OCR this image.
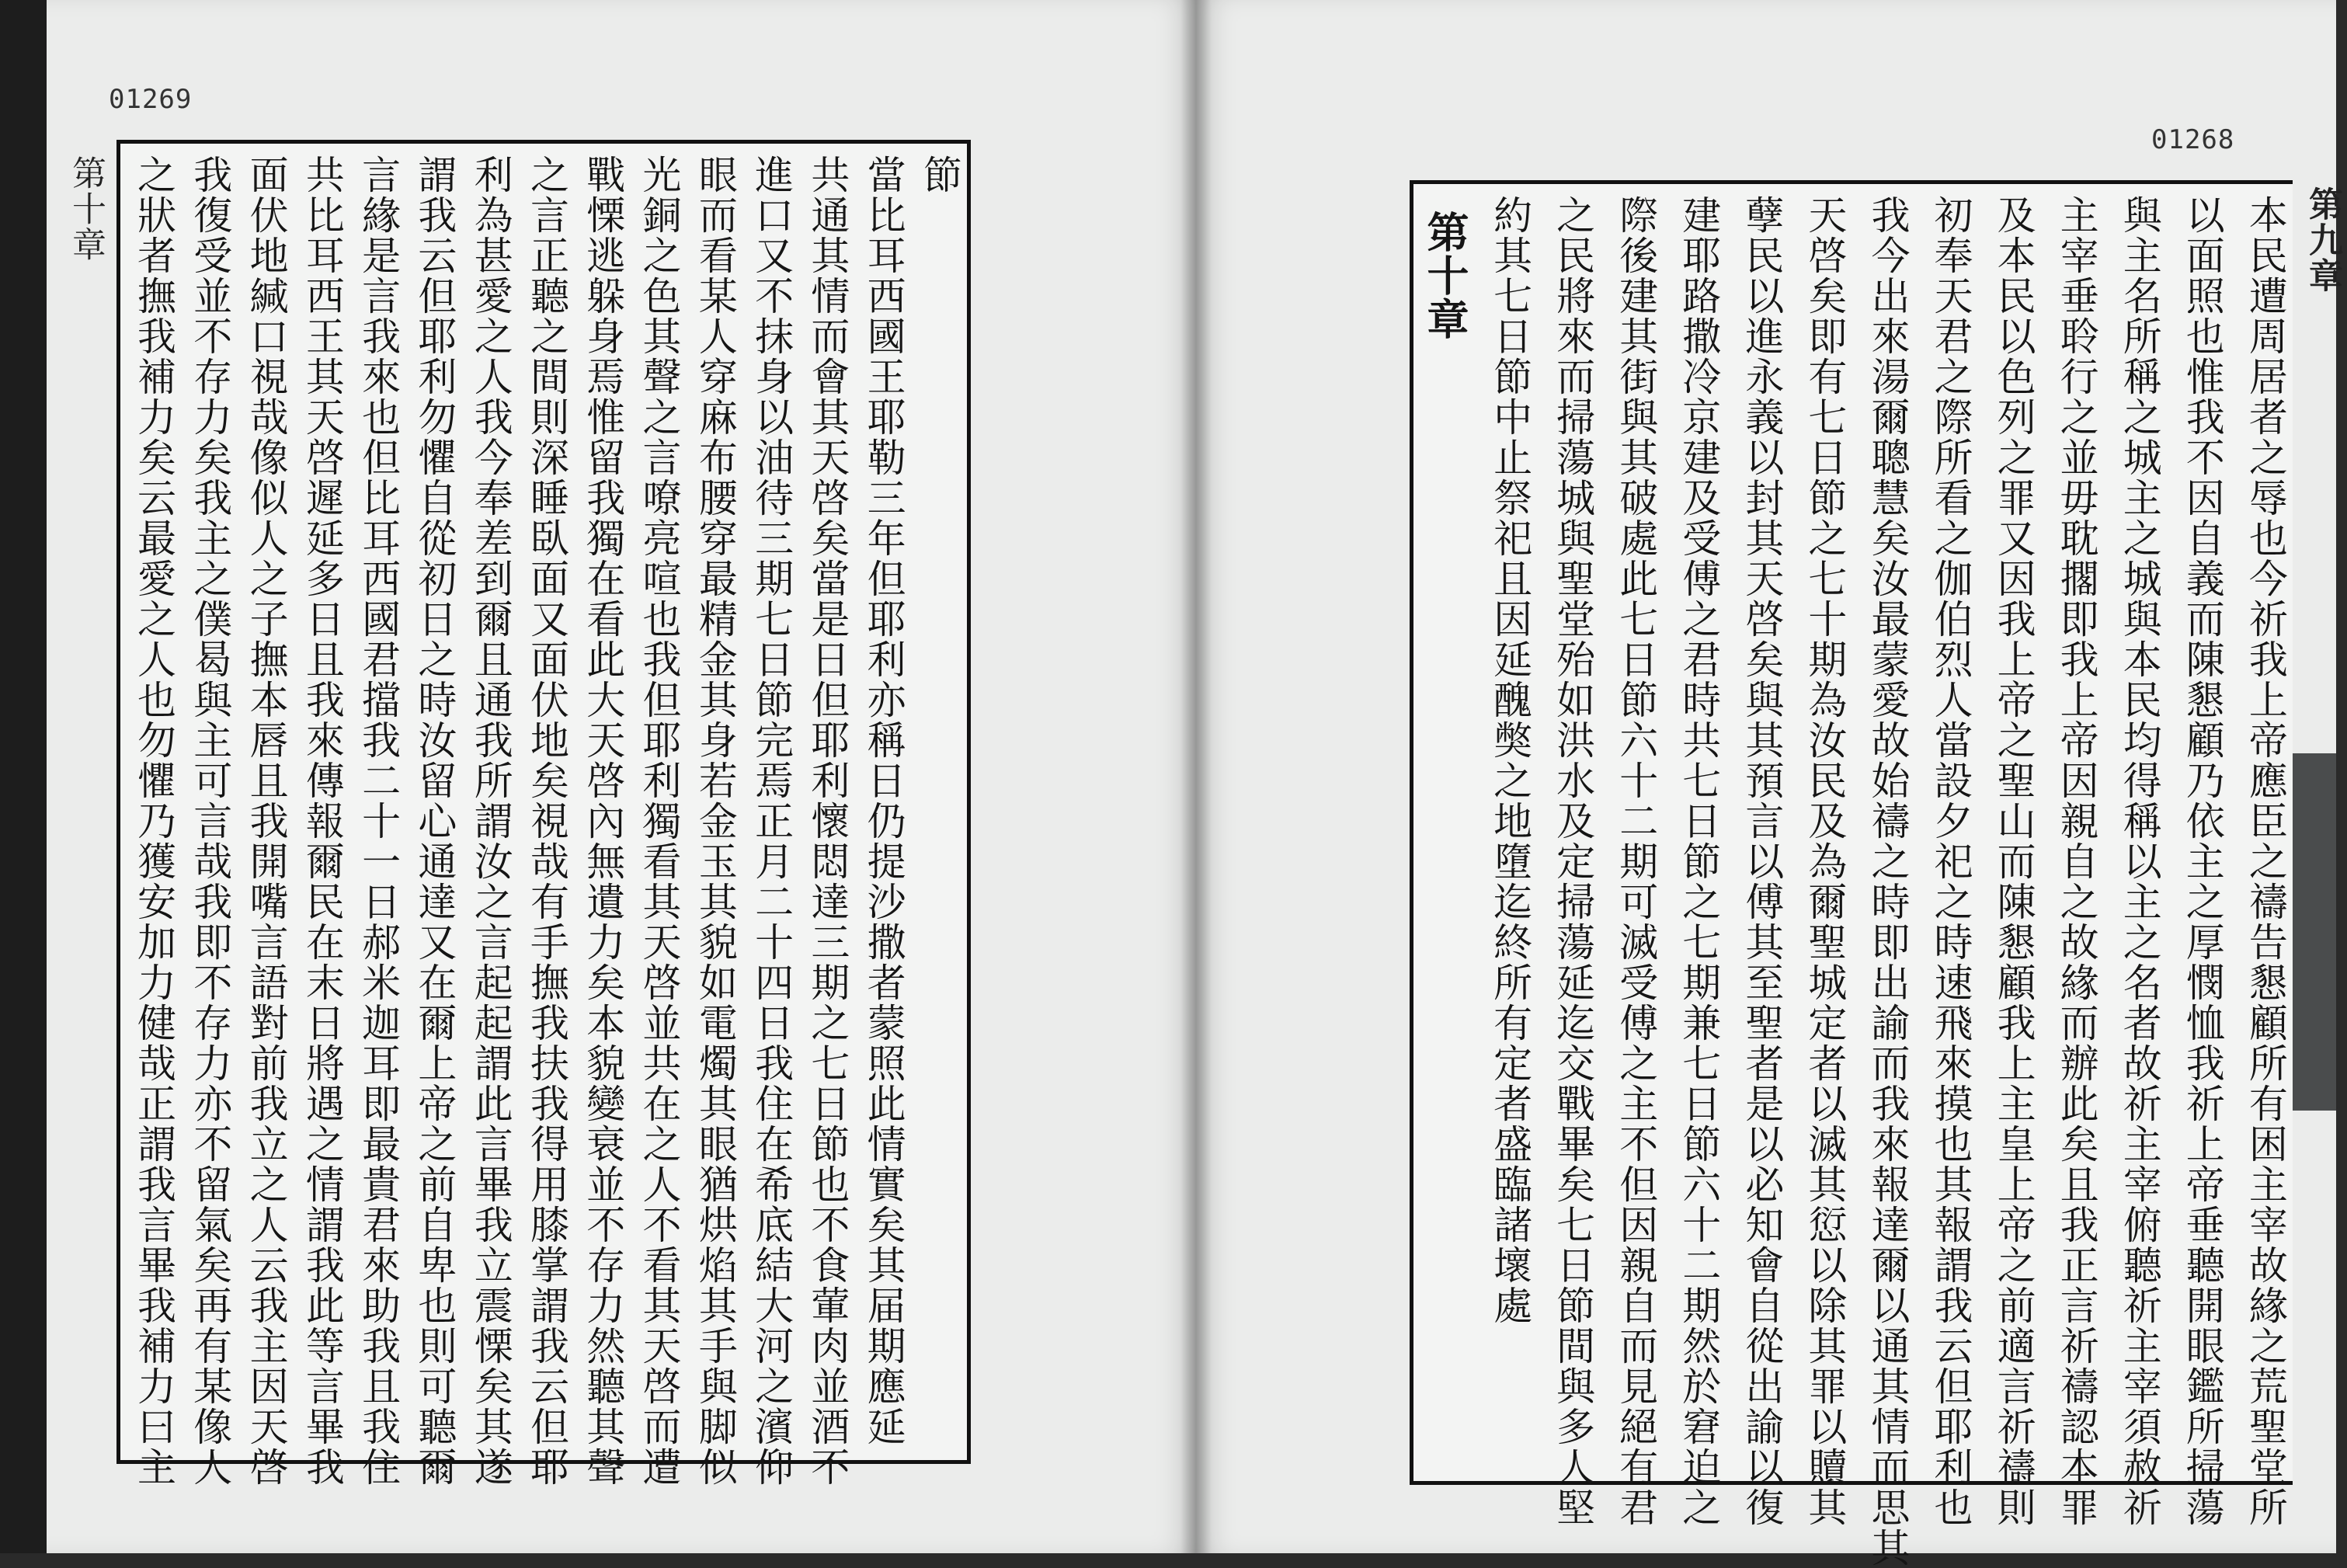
01269
01268
第十章	第九章
節
當比耳西國王耶勒三年但耶利亦稱日仍提沙撒者蒙照此情實矣其届期應延
共通其情而會其天啓矣當是日但耶利懷悶達三期之七日節也不食葷肉並酒不
進口又不抹身以油待三期七日節完焉正月二十四日我住在希底結大河之濱仰
眼而看某人穿麻布腰穿最精金其身若金玉其貌如電燭其眼猶烘焰其手與脚似
光銅之色其聲之言嘹亮喧也我但耶利獨看其天啓並共在之人不看其天啓而遭
戰慄逃躲身焉惟留我獨在看此大天啓內無遺力矣本貌變衰並不存力然聽其聲
之言正聽之間則深睡臥面又面伏地矣視哉有手撫我扶我得用膝掌謂我云但耶
利為甚愛之人我今奉差到爾且通我所謂汝之言起起謂此言畢我立震慄矣其遂
謂我云但耶利勿懼自從初日之時汝留心通達又在爾上帝之前自卑也則可聽爾
言緣是言我來也但比耳西國君擋我二十一日郝米迦耳即最貴君來助我且我住
共比耳西王其天啓遲延多日且我來傳報爾民在末日將遇之情謂我此等言畢我
面伏地緘口視哉像似人之子撫本唇且我開嘴言語對前我立之人云我主因天啓
我復受並不存力矣我主之僕曷與主可言哉我即不存力亦不留氣矣再有某像人
之狀者撫我補力矣云最愛之人也勿懼乃獲安加力健哉正謂我言畢我補力曰主	本民遭周居者之辱也今祈我上帝應臣之禱告懇顧所有困主宰故緣之荒聖堂所
以面照也惟我不因自義而陳懇顧乃依主之厚憫恤我祈上帝垂聽開眼鑑所掃蕩
與主名所稱之城主之城與本民均得稱以主之名者故祈主宰俯聽祈主宰須赦祈
主宰垂聆行之並毋耽擱即我上帝因親自之故緣而辦此矣且我正言祈禱認本罪
及本民以色列之罪又因我上帝之聖山而陳懇顧我上主皇上帝之前適言祈禱則
初奉天君之際所看之伽伯烈人當設夕祀之時速飛來摸也其報謂我云但耶利也
我今出來湯爾聰慧矣汝最蒙愛故始禱之時即出諭而我來報達爾以通其情而思其
天啓矣即有七日節之七十期為汝民及為爾聖城定者以滅其愆以除其罪以贖其
孽民以進永義以封其天啓矣與其預言以傅其至聖者是以必知會自從出諭以復
建耶路撒冷京建及受傅之君時共七日節之七期兼七日節六十二期然於窘迫之
際後建其街與其破處此七日節六十二期可滅受傅之主不但因親自而見絕有君
之民將來而掃蕩城與聖堂殆如洪水及定掃蕩延迄交戰畢矣七日節間與多人堅
約其七日節中止祭祀且因延醜獘之地墮迄終所有定者盛臨諸壞處
第十章
